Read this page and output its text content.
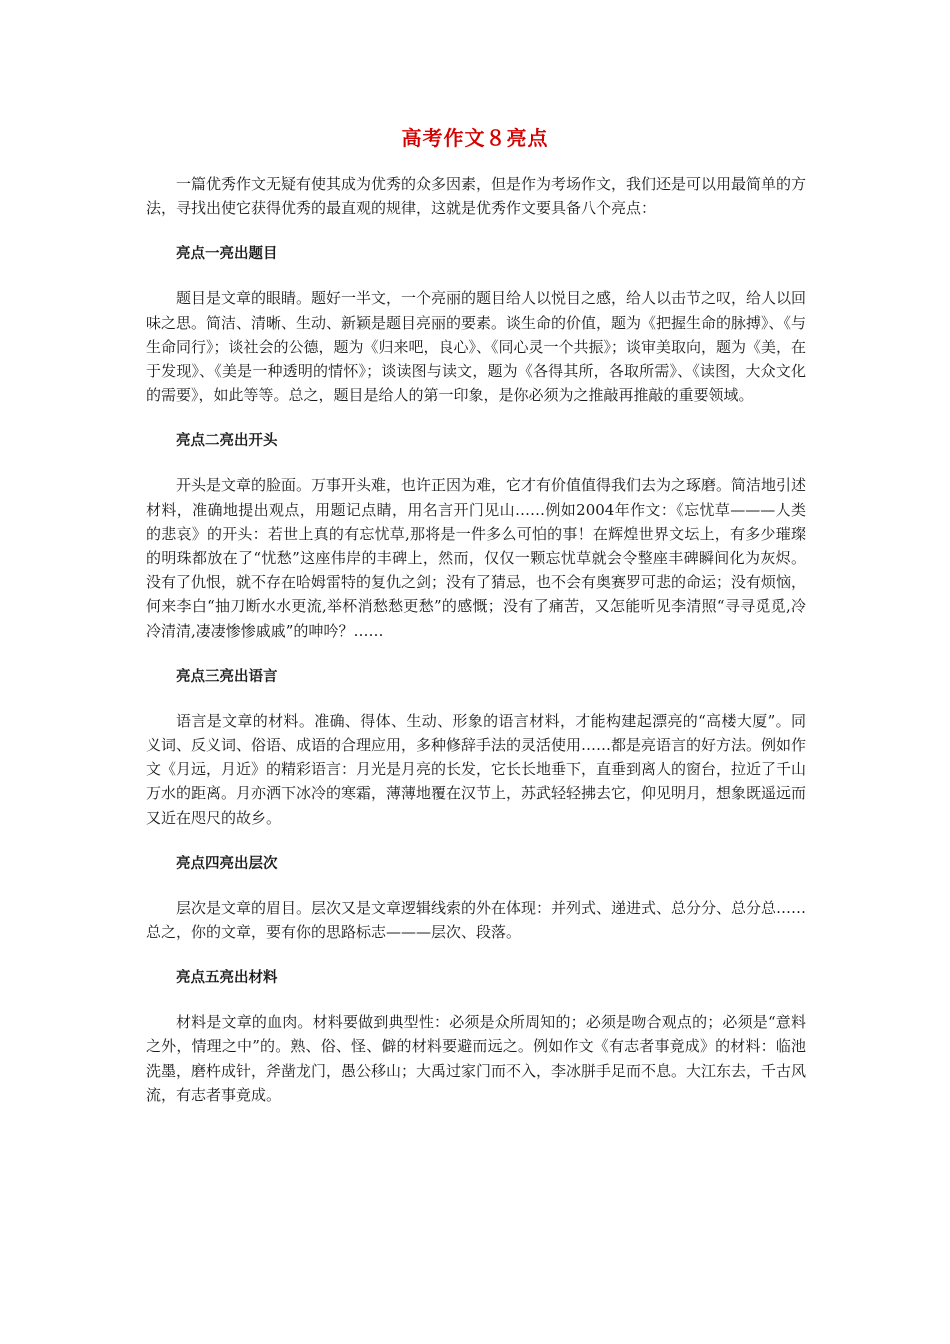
高考作文８亮点

一篇优秀作文无疑有使其成为优秀的众多因素，但是作为考场作文，我们还是可以用最简单的方法，寻找出使它获得优秀的最直观的规律，这就是优秀作文要具备八个亮点：

亮点一亮出题目

题目是文章的眼睛。题好一半文，一个亮丽的题目给人以悦目之感，给人以击节之叹，给人以回味之思。简洁、清晰、生动、新颖是题目亮丽的要素。谈生命的价值，题为《把握生命的脉搏》、《与生命同行》；谈社会的公德，题为《归来吧，良心》、《同心灵一个共振》；谈审美取向，题为《美，在于发现》、《美是一种透明的情怀》；谈读图与读文，题为《各得其所，各取所需》、《读图，大众文化的需要》，如此等等。总之，题目是给人的第一印象，是你必须为之推敲再推敲的重要领域。

亮点二亮出开头

开头是文章的脸面。万事开头难，也许正因为难，它才有价值值得我们去为之琢磨。简洁地引述材料，准确地提出观点，用题记点睛，用名言开门见山……例如2004年作文：《忘忧草———人类的悲哀》的开头：若世上真的有忘忧草,那将是一件多么可怕的事！在辉煌世界文坛上，有多少璀璨的明珠都放在了“忧愁”这座伟岸的丰碑上，然而，仅仅一颗忘忧草就会令整座丰碑瞬间化为灰烬。没有了仇恨，就不存在哈姆雷特的复仇之剑；没有了猜忌，也不会有奥赛罗可悲的命运；没有烦恼，何来李白“抽刀断水水更流,举杯消愁愁更愁”的感慨；没有了痛苦，又怎能听见李清照“寻寻觅觅,冷冷清清,凄凄惨惨戚戚”的呻吟？……

亮点三亮出语言

语言是文章的材料。准确、得体、生动、形象的语言材料，才能构建起漂亮的“高楼大厦”。同义词、反义词、俗语、成语的合理应用，多种修辞手法的灵活使用……都是亮语言的好方法。例如作文《月远，月近》的精彩语言：月光是月亮的长发，它长长地垂下，直垂到离人的窗台，拉近了千山万水的距离。月亦洒下冰冷的寒霜，薄薄地覆在汉节上，苏武轻轻拂去它，仰见明月，想象既遥远而又近在咫尺的故乡。

亮点四亮出层次

层次是文章的眉目。层次又是文章逻辑线索的外在体现：并列式、递进式、总分分、总分总……总之，你的文章，要有你的思路标志———层次、段落。

亮点五亮出材料

材料是文章的血肉。材料要做到典型性：必须是众所周知的；必须是吻合观点的；必须是“意料之外，情理之中”的。熟、俗、怪、僻的材料要避而远之。例如作文《有志者事竟成》的材料：临池洗墨，磨杵成针，斧凿龙门，愚公移山；大禹过家门而不入，李冰胼手足而不息。大江东去，千古风流，有志者事竟成。
